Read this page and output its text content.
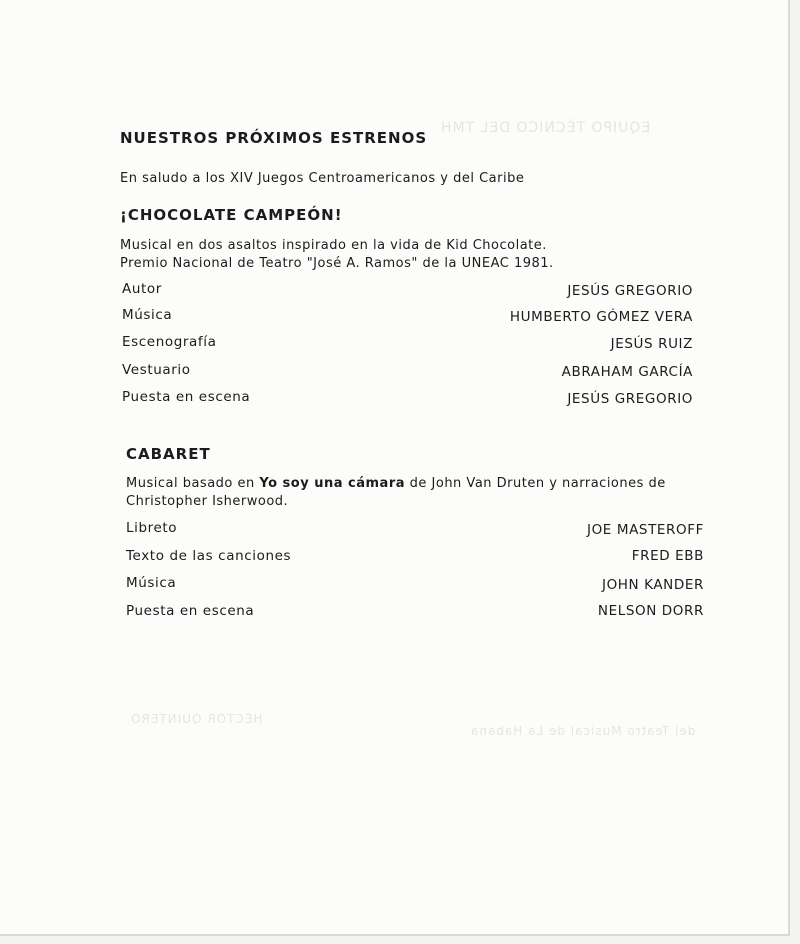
EQUIPO TÉCNICO DEL TMH
HÉCTOR QUINTERO
del Teatro Musical de La Habana
NUESTROS PRÓXIMOS ESTRENOS
En saludo a los XIV Juegos Centroamericanos y del Caribe
¡CHOCOLATE CAMPEÓN!
Musical en dos asaltos inspirado en la vida de Kid Chocolate.
Premio Nacional de Teatro "José A. Ramos" de la UNEAC 1981.
Autor	JESÚS GREGORIO
Música	HUMBERTO GÓMEZ VERA
Escenografía	JESÚS RUIZ
Vestuario	ABRAHAM GARCÍA
Puesta en escena	JESÚS GREGORIO
CABARET
Musical basado en Yo soy una cámara de John Van Druten y narraciones de
Christopher Isherwood.
Libreto	JOE MASTEROFF
Texto de las canciones	FRED EBB
Música	JOHN KANDER
Puesta en escena	NELSON DORR
